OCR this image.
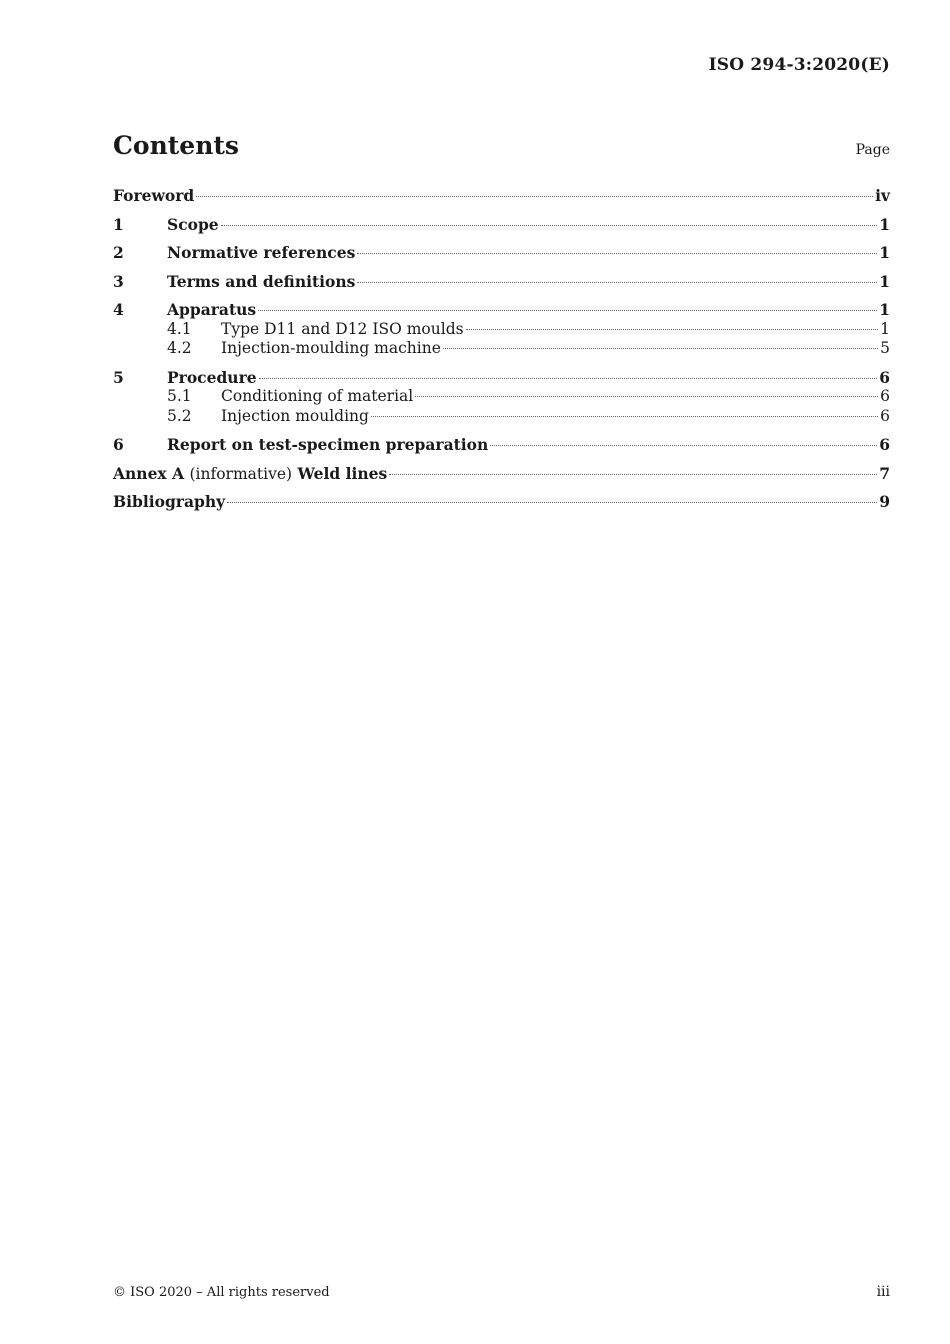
ISO 294-3:2020(E)
Contents	Page
Foreword	iv
1	Scope	1
2	Normative references	1
3	Terms and definitions	1
4	Apparatus	1
4.1	Type D11 and D12 ISO moulds	1
4.2	Injection-moulding machine	5
5	Procedure	6
5.1	Conditioning of material	6
5.2	Injection moulding	6
6	Report on test-specimen preparation	6
Annex A (informative) Weld lines	7
Bibliography	9
© ISO 2020 – All rights reserved	iii
